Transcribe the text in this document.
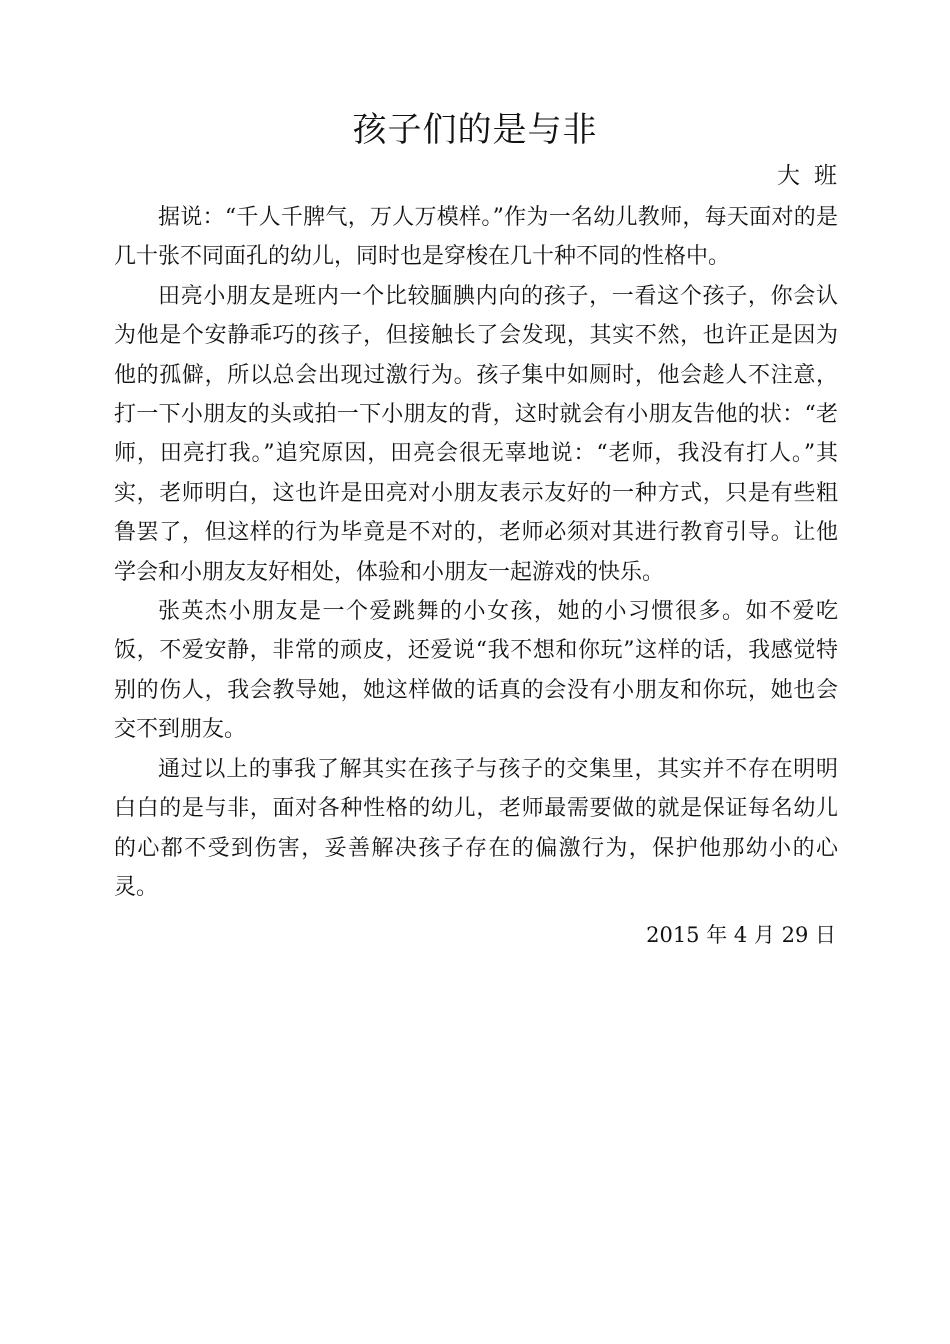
孩子们的是与非
大班

据说：“千人千脾气，万人万模样。”作为一名幼儿教师，每天面对的是几十张不同面孔的幼儿，同时也是穿梭在几十种不同的性格中。

田亮小朋友是班内一个比较腼腆内向的孩子，一看这个孩子，你会认为他是个安静乖巧的孩子，但接触长了会发现，其实不然，也许正是因为他的孤僻，所以总会出现过激行为。孩子集中如厕时，他会趁人不注意，打一下小朋友的头或拍一下小朋友的背，这时就会有小朋友告他的状：“老师，田亮打我。”追究原因，田亮会很无辜地说：“老师，我没有打人。”其实，老师明白，这也许是田亮对小朋友表示友好的一种方式，只是有些粗鲁罢了，但这样的行为毕竟是不对的，老师必须对其进行教育引导。让他学会和小朋友友好相处，体验和小朋友一起游戏的快乐。

张英杰小朋友是一个爱跳舞的小女孩，她的小习惯很多。如不爱吃饭，不爱安静，非常的顽皮，还爱说“我不想和你玩”这样的话，我感觉特别的伤人，我会教导她，她这样做的话真的会没有小朋友和你玩，她也会交不到朋友。

通过以上的事我了解其实在孩子与孩子的交集里，其实并不存在明明白白的是与非，面对各种性格的幼儿，老师最需要做的就是保证每名幼儿的心都不受到伤害，妥善解决孩子存在的偏激行为，保护他那幼小的心灵。

2015 年 4 月 29 日
